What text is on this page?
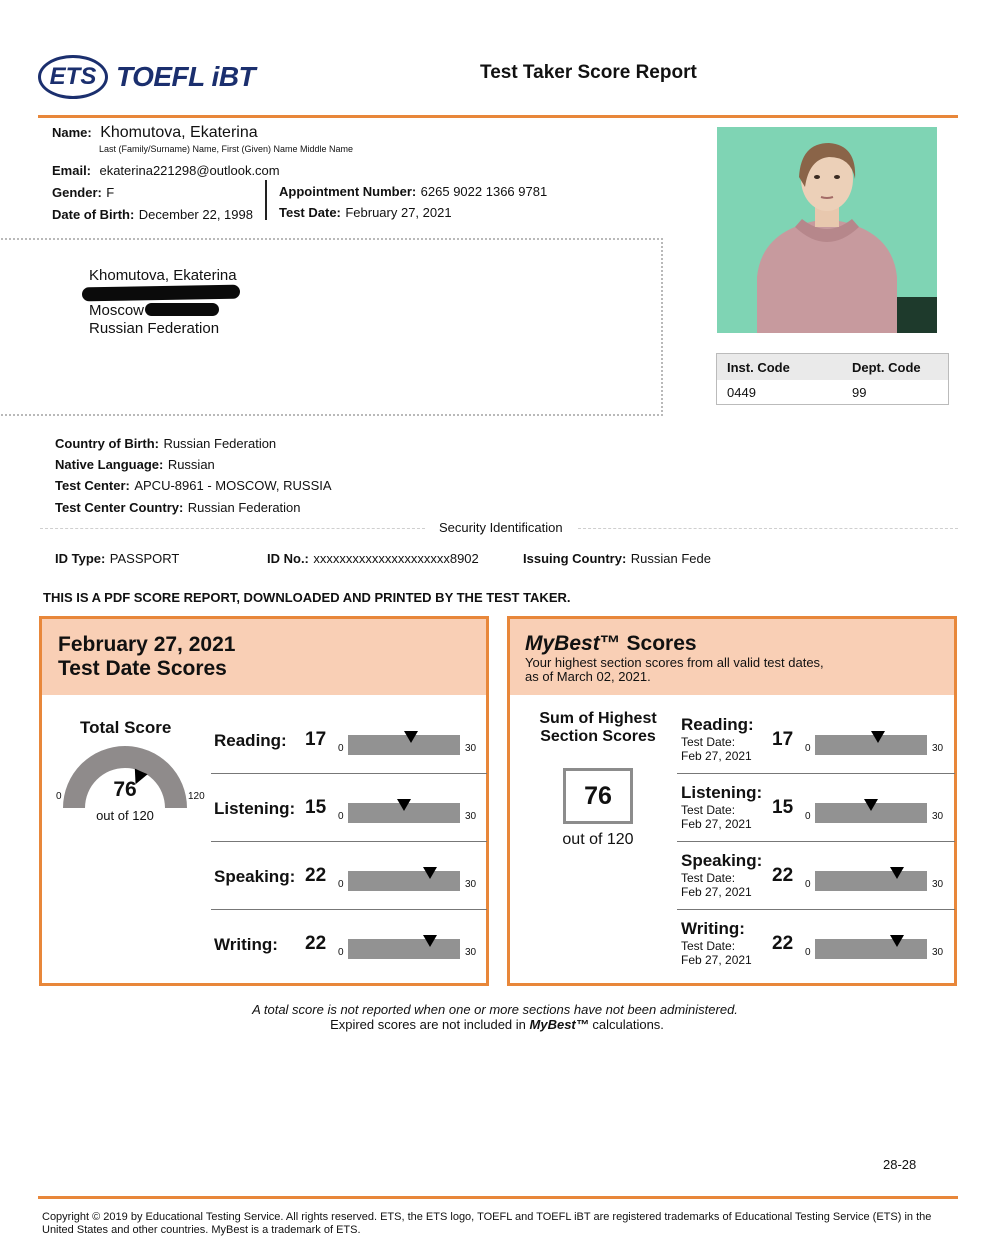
ETS TOEFL iBT	Test Taker Score Report
Name: Khomutova, Ekaterina
Last (Family/Surname) Name, First (Given) Name Middle Name
Email: ekaterina221298@outlook.com
Gender: F
Date of Birth: December 22, 1998
Appointment Number: 6265 9022 1366 9781
Test Date: February 27, 2021
Khomutova, Ekaterina
Moscow
Russian Federation
Inst. Code	Dept. Code
0449	99
Country of Birth: Russian Federation
Native Language: Russian
Test Center: APCU-8961 - MOSCOW, RUSSIA
Test Center Country: Russian Federation
Security Identification
ID Type: PASSPORT	ID No.: xxxxxxxxxxxxxxxxxxxxx8902	Issuing Country: Russian Fede
THIS IS A PDF SCORE REPORT, DOWNLOADED AND PRINTED BY THE TEST TAKER.
February 27, 2021
Test Date Scores
Total Score
0	120
76
out of 120
Reading: 17 0	30
Listening: 15 0	30
Speaking: 22 0	30
Writing: 22 0	30
MyBest™ Scores
Your highest section scores from all valid test dates,
as of March 02, 2021.
Sum of Highest
Section Scores
76
out of 120
Reading:
Test Date:
Feb 27, 2021
17 0	30
Listening:
Test Date:
Feb 27, 2021
15 0	30
Speaking:
Test Date:
Feb 27, 2021
22 0	30
Writing:
Test Date:
Feb 27, 2021
22 0	30
A total score is not reported when one or more sections have not been administered.
Expired scores are not included in MyBest™ calculations.
28-28
Copyright © 2019 by Educational Testing Service. All rights reserved. ETS, the ETS logo, TOEFL and TOEFL iBT are registered trademarks of Educational Testing Service (ETS) in the United States and other countries. MyBest is a trademark of ETS.
